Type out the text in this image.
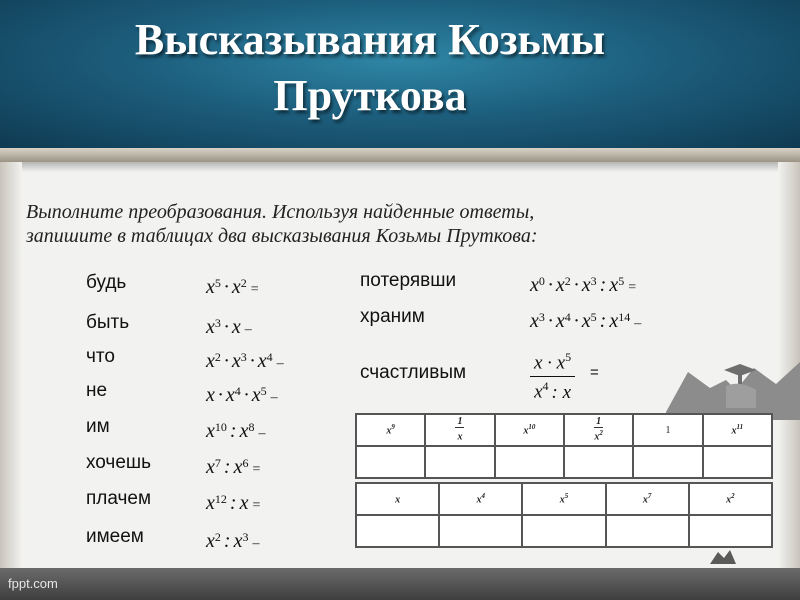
Высказывания Козьмы
Пруткова
Выполните преобразования. Используя найденные ответы,
запишите в таблицах два высказывания Козьмы Пруткова:
будь	$x^5 \cdot x^2$ =
быть	$x^3 \cdot x$ –
что	$x^2 \cdot x^3 \cdot x^4$ –
не	$x \cdot x^4 \cdot x^5$ –
им	$x^{10}$ : $x^8$ –
хочешь	$x^7$ : $x^6$ =
плачем	$x^{12}$ : x =
имеем	$x^2$ : $x^3$ –
потерявши	$x^0 \cdot x^2 \cdot x^3$ : $x^5$ =
храним	$x^3 \cdot x^4 \cdot x^5$ : $x^{14}$ –
счастливым	$\frac{x \cdot x^5}{x^4 : x}$ =
$x^9$	$\frac{1}{x}$	$x^{10}$	$\frac{1}{x^2}$	1	$x^{11}$

x	$x^4$	$x^5$	$x^7$	$x^2$

fppt.com
